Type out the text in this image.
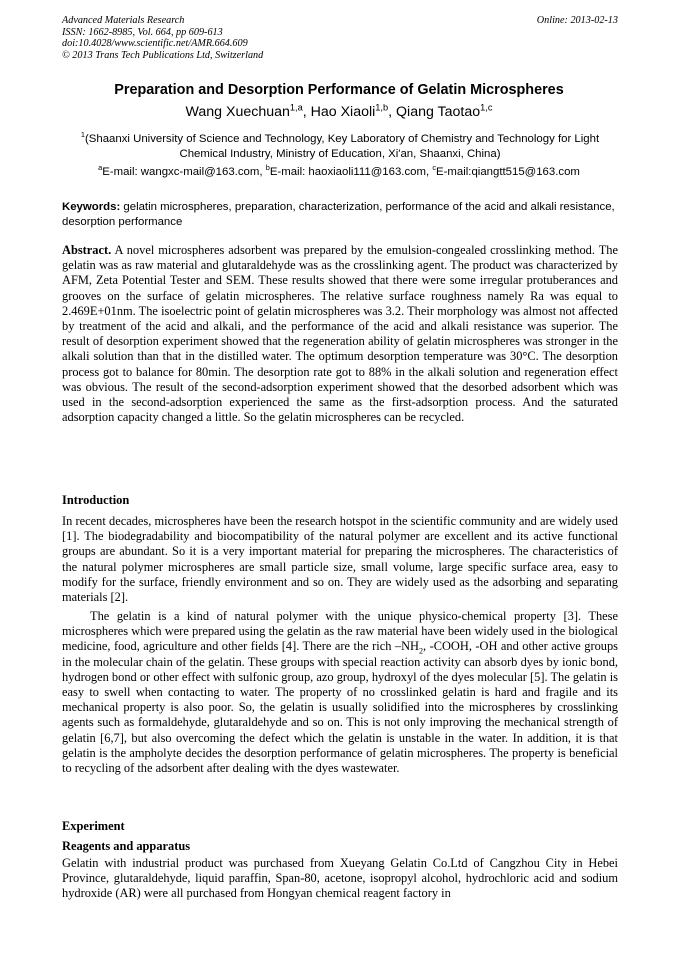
Advanced Materials Research
ISSN: 1662-8985, Vol. 664, pp 609-613
doi:10.4028/www.scientific.net/AMR.664.609
© 2013 Trans Tech Publications Ltd, Switzerland
Online: 2013-02-13
Preparation and Desorption Performance of Gelatin Microspheres
Wang Xuechuan$^{1,a}$, Hao Xiaoli$^{1,b}$, Qiang Taotao$^{1,c}$
$^1$(Shaanxi University of Science and Technology, Key Laboratory of Chemistry and Technology for Light Chemical Industry, Ministry of Education, Xi'an, Shaanxi, China)
$^a$E-mail: wangxc-mail@163.com, $^b$E-mail: haoxiaoli111@163.com, $^c$E-mail:qiangtt515@163.com
Keywords: gelatin microspheres, preparation, characterization, performance of the acid and alkali resistance, desorption performance
Abstract. A novel microspheres adsorbent was prepared by the emulsion-congealed crosslinking method. The gelatin was as raw material and glutaraldehyde was as the crosslinking agent. The product was characterized by AFM, Zeta Potential Tester and SEM. These results showed that there were some irregular protuberances and grooves on the surface of gelatin microspheres. The relative surface roughness namely Ra was equal to 2.469E+01nm. The isoelectric point of gelatin microspheres was 3.2. Their morphology was almost not affected by treatment of the acid and alkali, and the performance of the acid and alkali resistance was superior. The result of desorption experiment showed that the regeneration ability of gelatin microspheres was stronger in the alkali solution than that in the distilled water. The optimum desorption temperature was 30°C. The desorption process got to balance for 80min. The desorption rate got to 88% in the alkali solution and regeneration effect was obvious. The result of the second-adsorption experiment showed that the desorbed adsorbent which was used in the second-adsorption experienced the same as the first-adsorption process. And the saturated adsorption capacity changed a little. So the gelatin microspheres can be recycled.
Introduction
In recent decades, microspheres have been the research hotspot in the scientific community and are widely used [1]. The biodegradability and biocompatibility of the natural polymer are excellent and its active functional groups are abundant. So it is a very important material for preparing the microspheres. The characteristics of the natural polymer microspheres are small particle size, small volume, large specific surface area, easy to modify for the surface, friendly environment and so on. They are widely used as the adsorbing and separating materials [2].
The gelatin is a kind of natural polymer with the unique physico-chemical property [3]. These microspheres which were prepared using the gelatin as the raw material have been widely used in the biological medicine, food, agriculture and other fields [4]. There are the rich $-NH_2$, -COOH, -OH and other active groups in the molecular chain of the gelatin. These groups with special reaction activity can absorb dyes by ionic bond, hydrogen bond or other effect with sulfonic group, azo group, hydroxyl of the dyes molecular [5]. The gelatin is easy to swell when contacting to water. The property of no crosslinked gelatin is hard and fragile and its mechanical property is also poor. So, the gelatin is usually solidified into the microspheres by crosslinking agents such as formaldehyde, glutaraldehyde and so on. This is not only improving the mechanical strength of gelatin [6,7], but also overcoming the defect which the gelatin is unstable in the water. In addition, it is that gelatin is the ampholyte decides the desorption performance of gelatin microspheres. The property is beneficial to recycling of the adsorbent after dealing with the dyes wastewater.
Experiment
Reagents and apparatus
Gelatin with industrial product was purchased from Xueyang Gelatin Co.Ltd of Cangzhou City in Hebei Province, glutaraldehyde, liquid paraffin, Span-80, acetone, isopropyl alcohol, hydrochloric acid and sodium hydroxide (AR) were all purchased from Hongyan chemical reagent factory in
